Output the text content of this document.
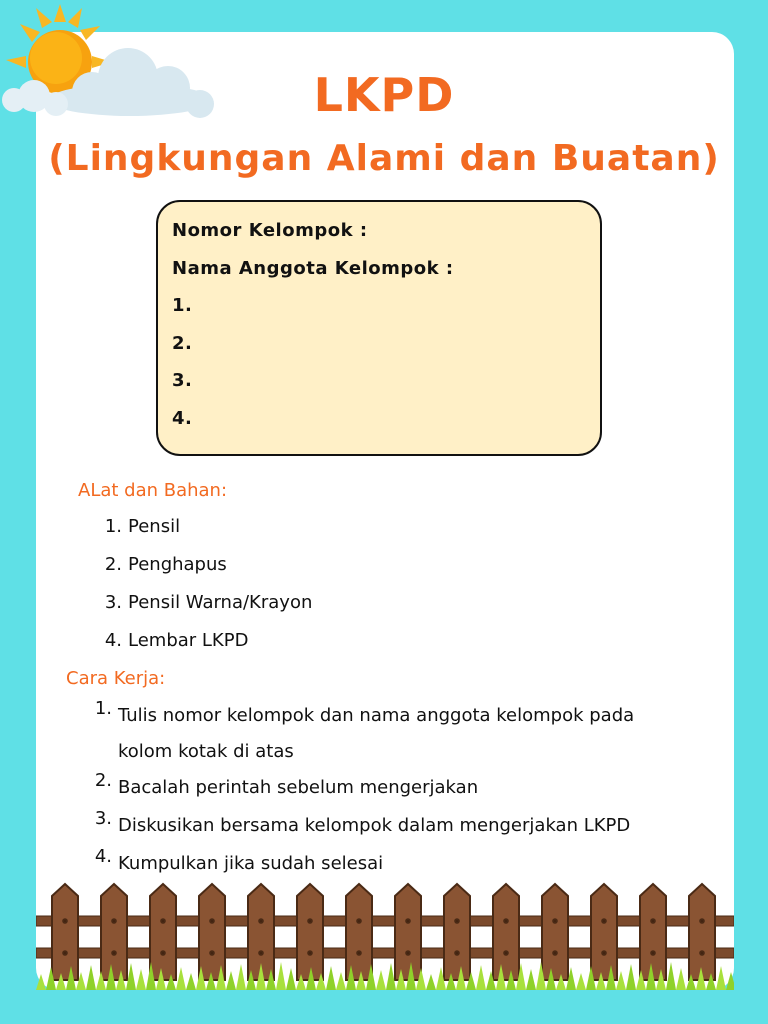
LKPD
(Lingkungan Alami dan Buatan)
Nomor Kelompok :
Nama Anggota Kelompok :
1.
2.
3.
4.
ALat dan Bahan:
1. Pensil
2. Penghapus
3. Pensil Warna/Krayon
4. Lembar LKPD
Cara Kerja:
1. Tulis nomor kelompok dan nama anggota kelompok pada
kolom kotak di atas
2. Bacalah perintah sebelum mengerjakan
3. Diskusikan bersama kelompok dalam mengerjakan LKPD
4. Kumpulkan jika sudah selesai
